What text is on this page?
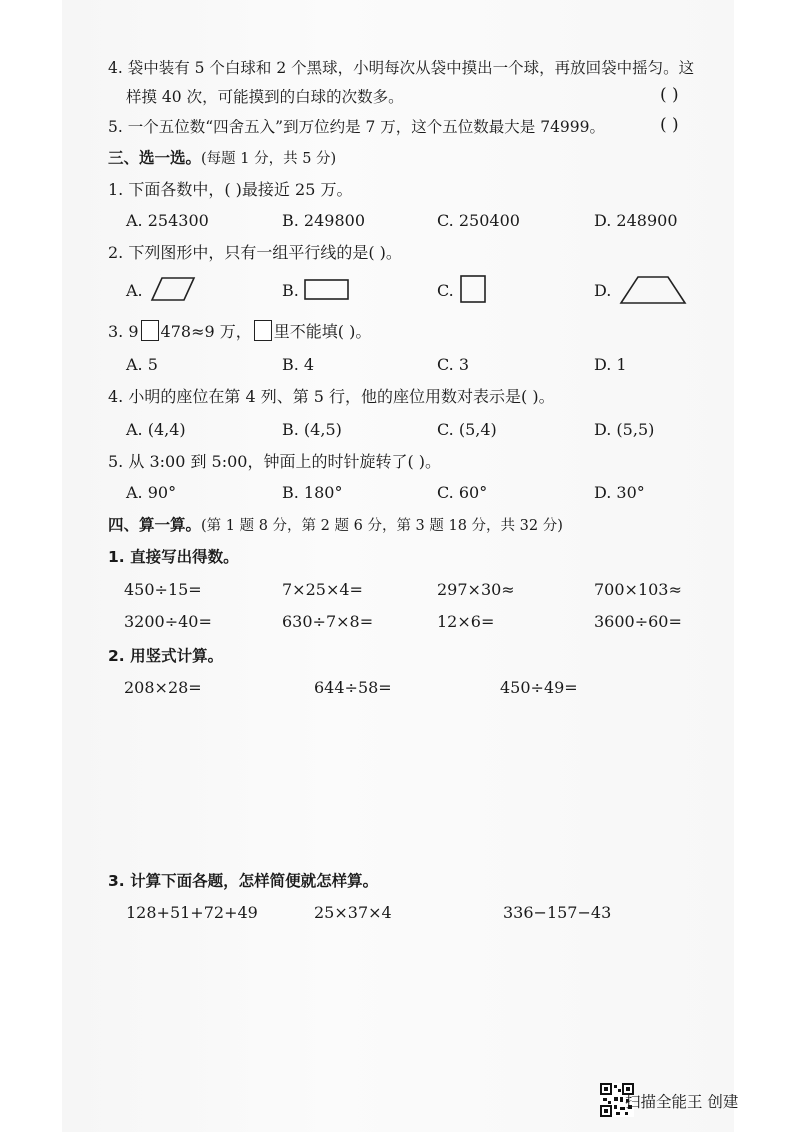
4. 袋中装有 5 个白球和 2 个黑球，小明每次从袋中摸出一个球，再放回袋中摇匀。这
样摸 40 次，可能摸到的白球的次数多。	( )
5. 一个五位数“四舍五入”到万位约是 7 万，这个五位数最大是 74999。	( )
三、选一选。(每题 1 分，共 5 分)
1. 下面各数中，( )最接近 25 万。
A. 254300	B. 249800	C. 250400	D. 248900
2. 下列图形中，只有一组平行线的是( )。
A.	B.	C.	D.
3. 9 478≈9 万， 里不能填( )。
A. 5	B. 4	C. 3	D. 1
4. 小明的座位在第 4 列、第 5 行，他的座位用数对表示是( )。
A. (4,4)	B. (4,5)	C. (5,4)	D. (5,5)
5. 从 3:00 到 5:00，钟面上的时针旋转了( )。
A. 90°	B. 180°	C. 60°	D. 30°
四、算一算。(第 1 题 8 分，第 2 题 6 分，第 3 题 18 分，共 32 分)
1. 直接写出得数。
450÷15=	7×25×4=	297×30≈	700×103≈
3200÷40=	630÷7×8=	12×6=	3600÷60=
2. 用竖式计算。
208×28=	644÷58=	450÷49=
3. 计算下面各题，怎样简便就怎样算。
128+51+72+49	25×37×4	336−157−43
扫描全能王 创建
